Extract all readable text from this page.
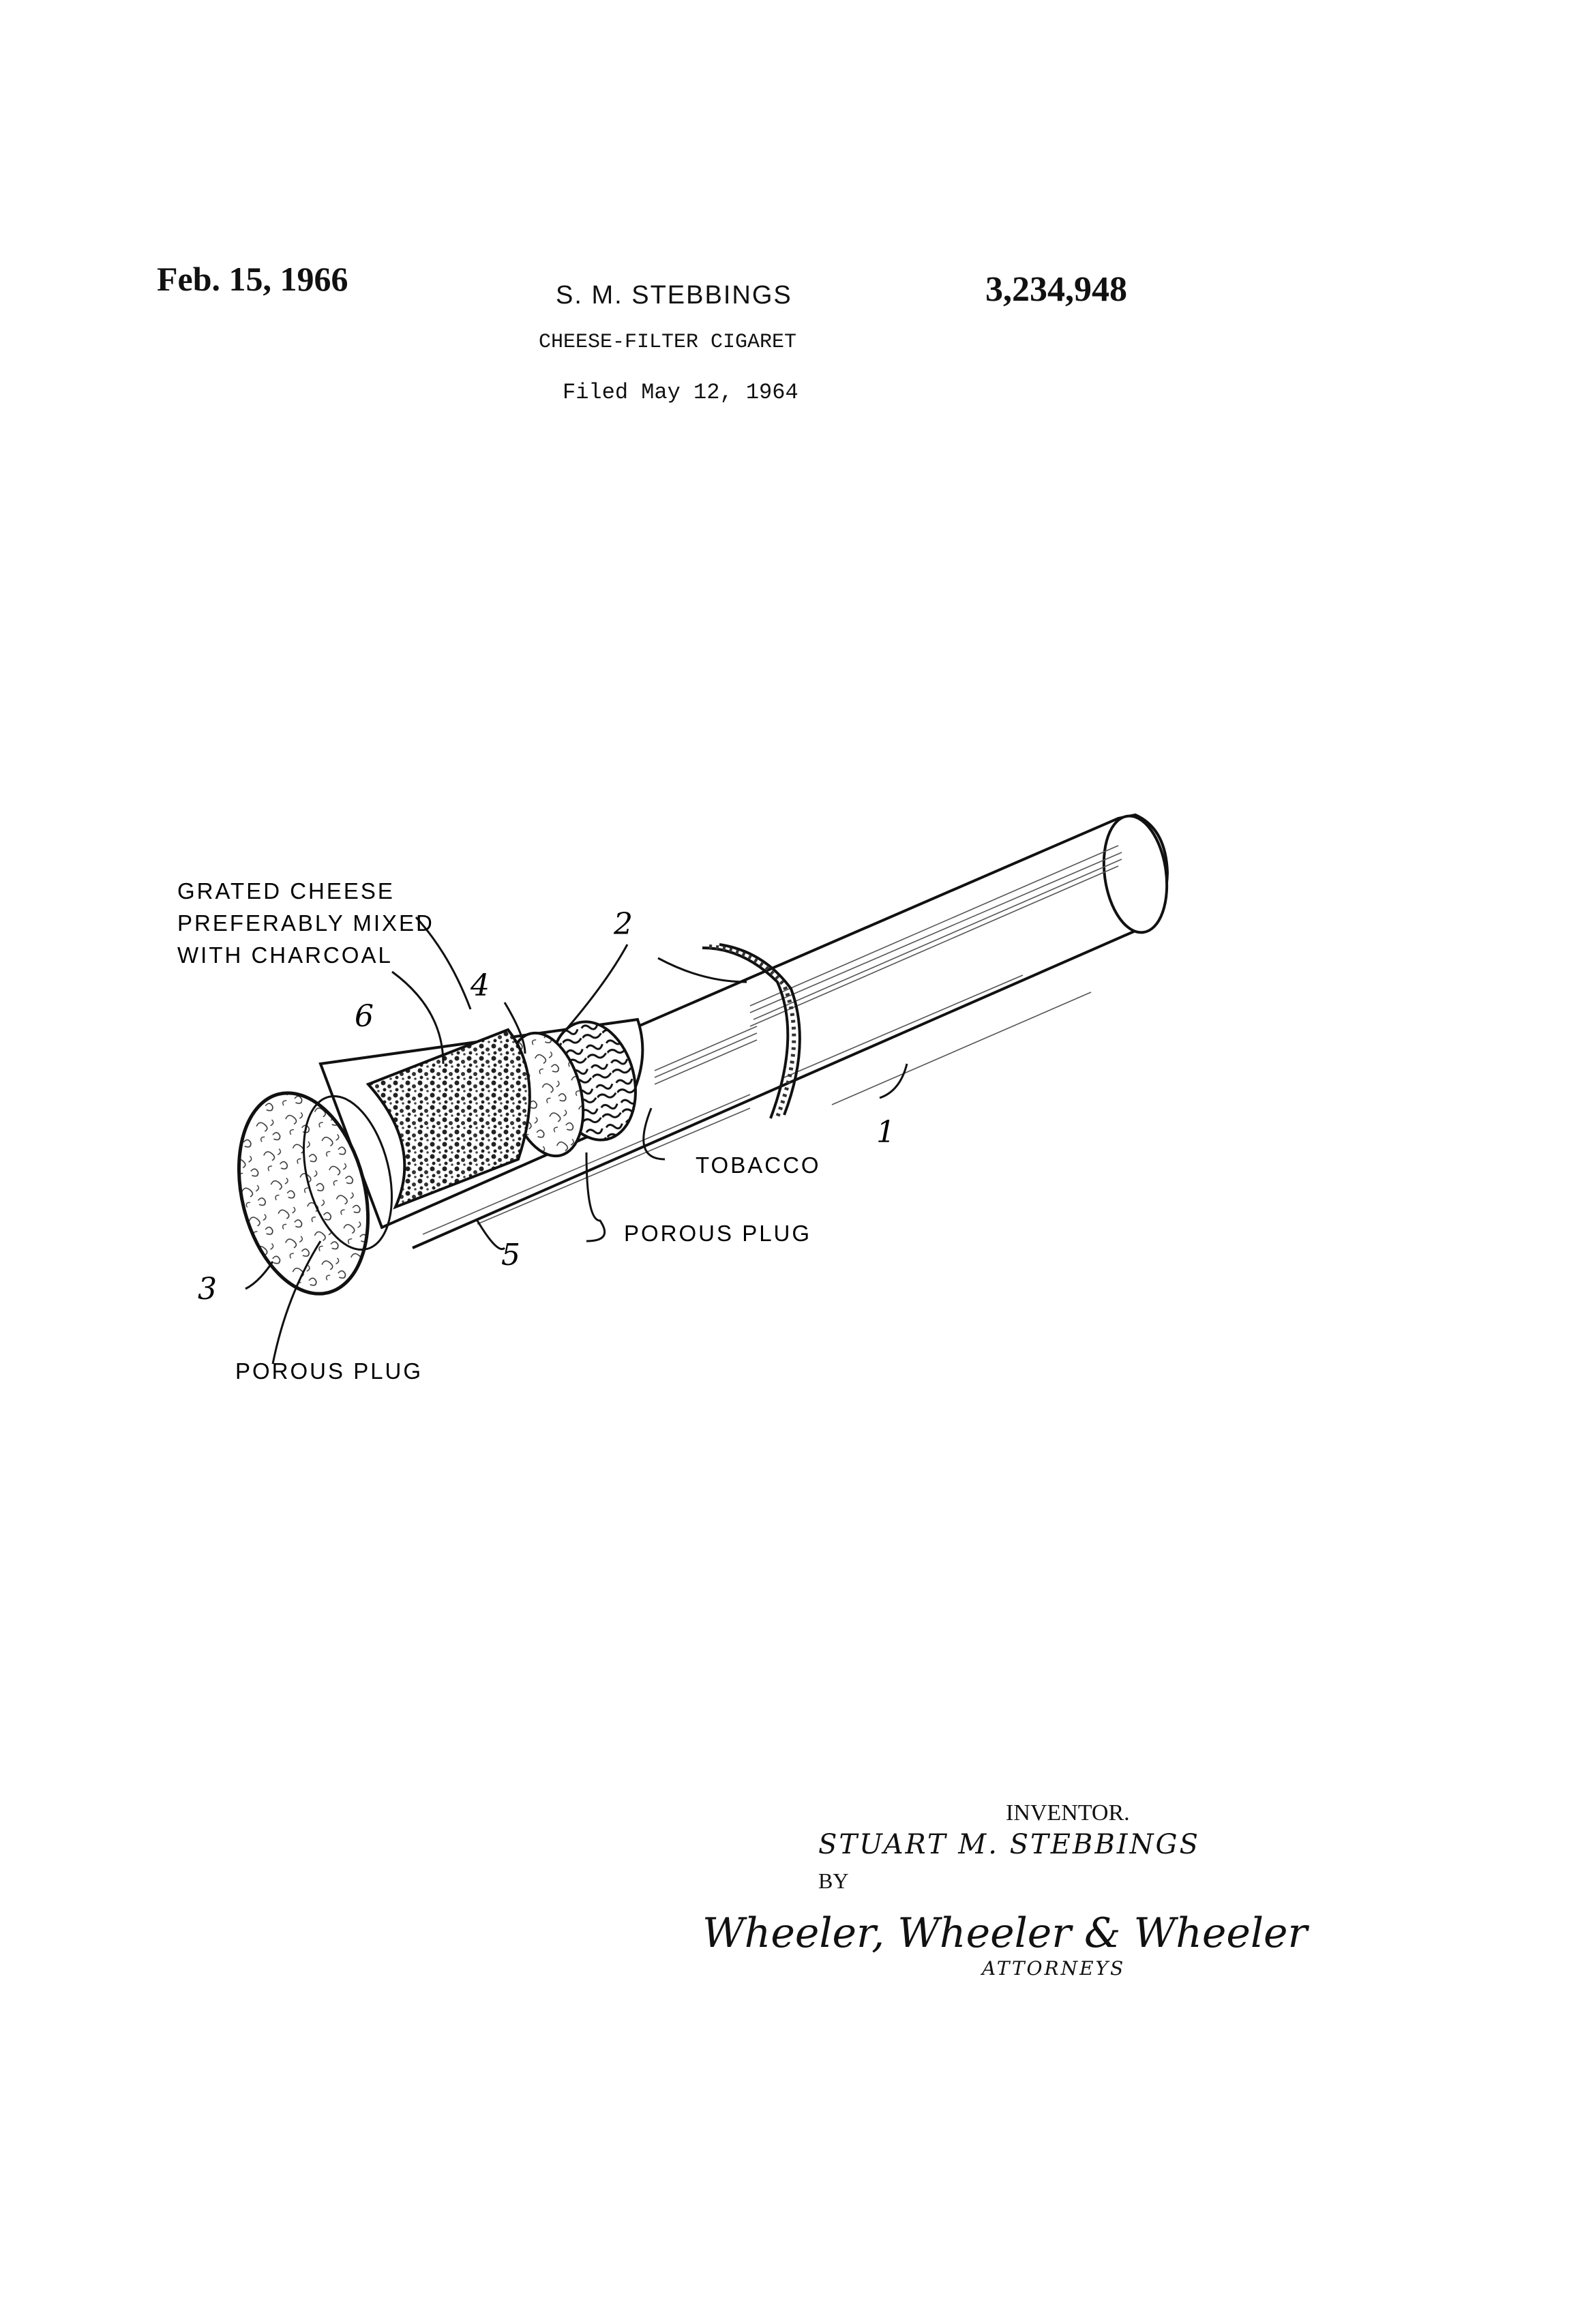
Feb. 15, 1966	S. M. STEBBINGS	3,234,948
CHEESE-FILTER CIGARET
Filed May 12, 1964
1
2
3
4
5
6
GRATED CHEESE
PREFERABLY MIXED
WITH CHARCOAL
TOBACCO
POROUS PLUG
POROUS PLUG
INVENTOR.
STUART M. STEBBINGS
BY
Wheeler, Wheeler & Wheeler
ATTORNEYS
